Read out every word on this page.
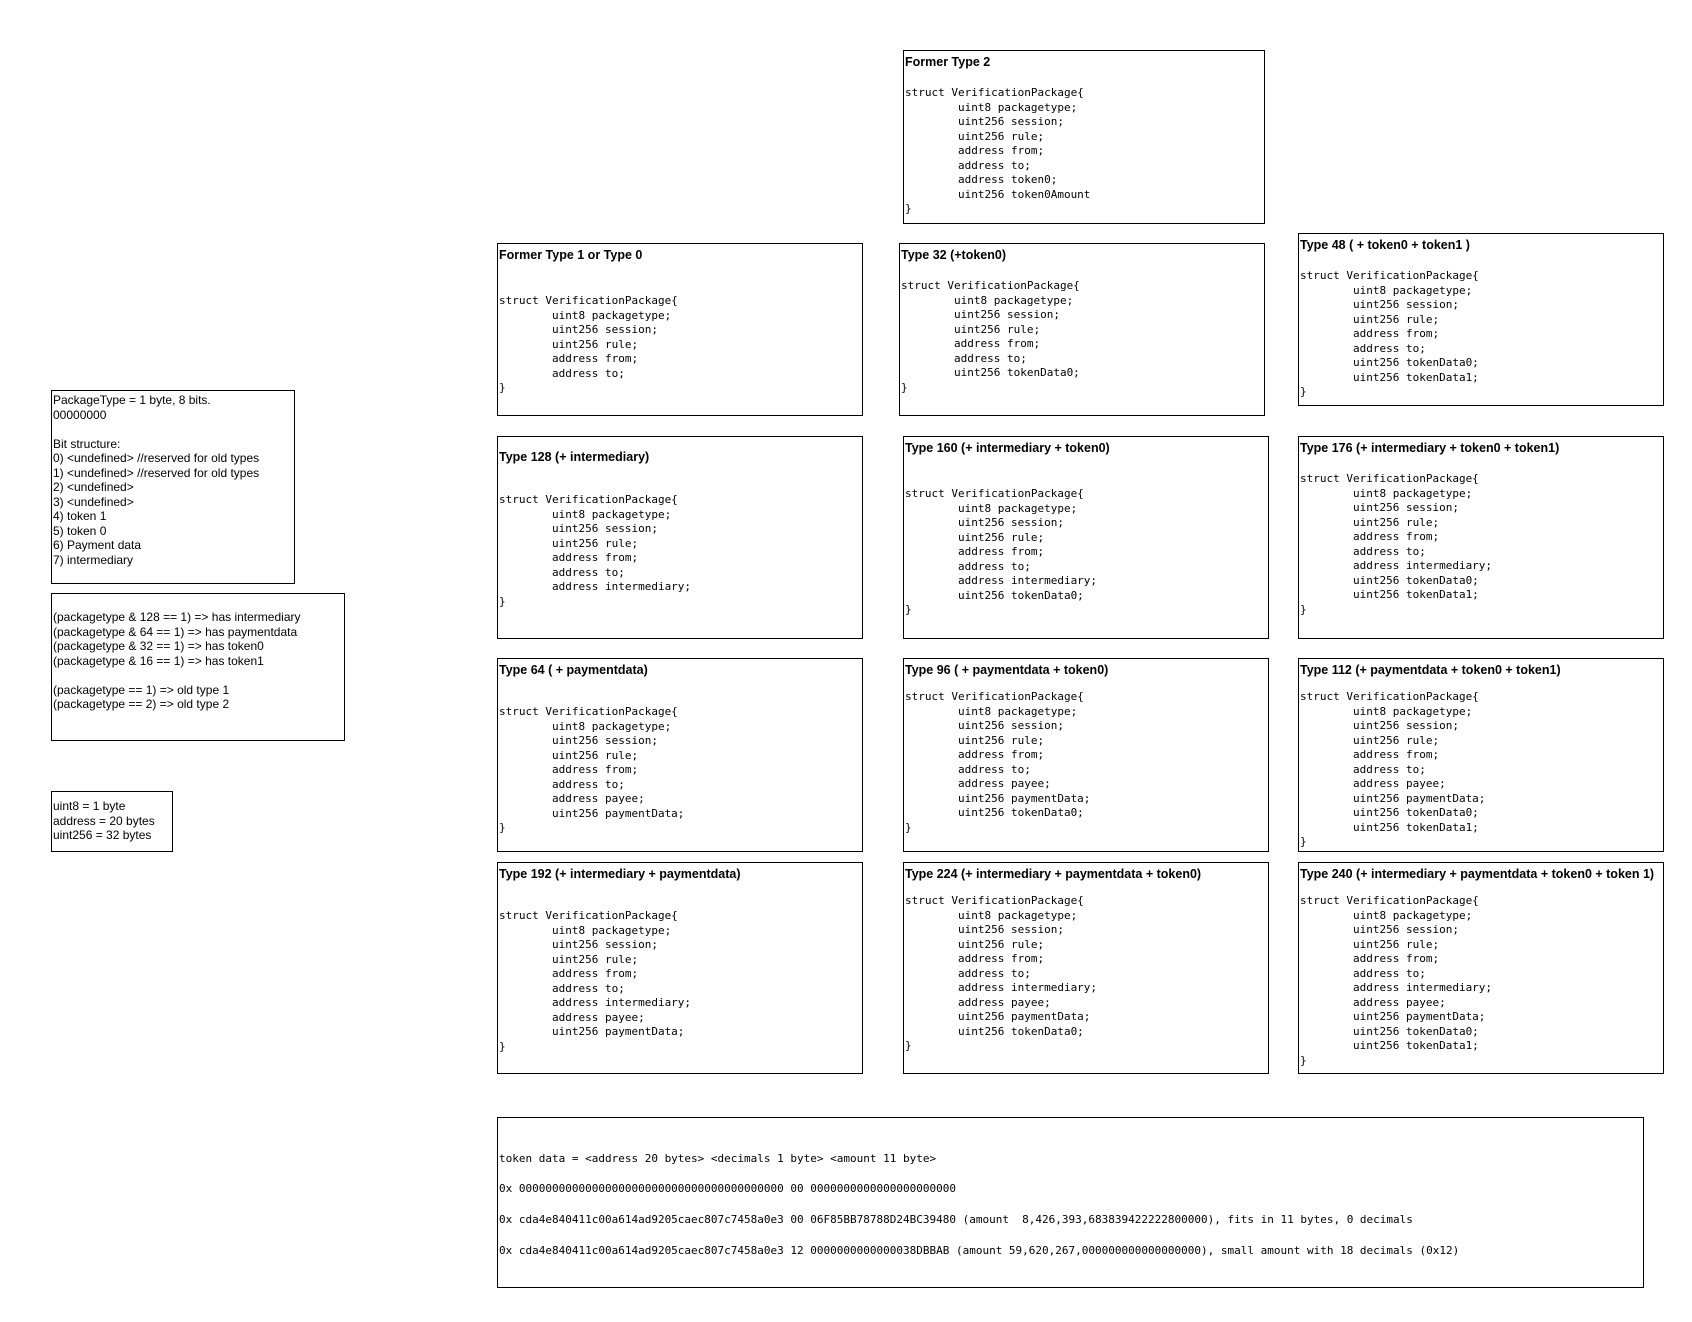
PackageType = 1 byte, 8 bits.
00000000

Bit structure:
0) <undefined> //reserved for old types
1) <undefined> //reserved for old types
2) <undefined>
3) <undefined>
4) token 1
5) token 0
6) Payment data
7) intermediary
(packagetype & 128 == 1) => has intermediary
(packagetype & 64 == 1) => has paymentdata
(packagetype & 32 == 1) => has token0
(packagetype & 16 == 1) => has token1

(packagetype == 1) => old type 1
(packagetype == 2) => old type 2
uint8 = 1 byte
address = 20 bytes
uint256 = 32 bytes
Former Type 2
struct VerificationPackage{
uint8 packagetype;
uint256 session;
uint256 rule;
address from;
address to;
address token0;
uint256 token0Amount
}
Former Type 1 or Type 0
struct VerificationPackage{
uint8 packagetype;
uint256 session;
uint256 rule;
address from;
address to;
}
Type 32 (+token0)
struct VerificationPackage{
uint8 packagetype;
uint256 session;
uint256 rule;
address from;
address to;
uint256 tokenData0;
}
Type 48 ( + token0 + token1 )
struct VerificationPackage{
uint8 packagetype;
uint256 session;
uint256 rule;
address from;
address to;
uint256 tokenData0;
uint256 tokenData1;
}
Type 128 (+ intermediary)
struct VerificationPackage{
uint8 packagetype;
uint256 session;
uint256 rule;
address from;
address to;
address intermediary;
}
Type 160 (+ intermediary + token0)
struct VerificationPackage{
uint8 packagetype;
uint256 session;
uint256 rule;
address from;
address to;
address intermediary;
uint256 tokenData0;
}
Type 176 (+ intermediary + token0 + token1)
struct VerificationPackage{
uint8 packagetype;
uint256 session;
uint256 rule;
address from;
address to;
address intermediary;
uint256 tokenData0;
uint256 tokenData1;
}
Type 64 ( + paymentdata)
struct VerificationPackage{
uint8 packagetype;
uint256 session;
uint256 rule;
address from;
address to;
address payee;
uint256 paymentData;
}
Type 96 ( + paymentdata + token0)
struct VerificationPackage{
uint8 packagetype;
uint256 session;
uint256 rule;
address from;
address to;
address payee;
uint256 paymentData;
uint256 tokenData0;
}
Type 112 (+ paymentdata + token0 + token1)
struct VerificationPackage{
uint8 packagetype;
uint256 session;
uint256 rule;
address from;
address to;
address payee;
uint256 paymentData;
uint256 tokenData0;
uint256 tokenData1;
}
Type 192 (+ intermediary + paymentdata)
struct VerificationPackage{
uint8 packagetype;
uint256 session;
uint256 rule;
address from;
address to;
address intermediary;
address payee;
uint256 paymentData;
}
Type 224 (+ intermediary + paymentdata + token0)
struct VerificationPackage{
uint8 packagetype;
uint256 session;
uint256 rule;
address from;
address to;
address intermediary;
address payee;
uint256 paymentData;
uint256 tokenData0;
}
Type 240 (+ intermediary + paymentdata + token0 + token 1)
struct VerificationPackage{
uint8 packagetype;
uint256 session;
uint256 rule;
address from;
address to;
address intermediary;
address payee;
uint256 paymentData;
uint256 tokenData0;
uint256 tokenData1;
}
token data = <address 20 bytes> <decimals 1 byte> <amount 11 byte>
0x 0000000000000000000000000000000000000000 00 0000000000000000000000
0x cda4e840411c00a614ad9205caec807c7458a0e3 00 06F85BB78788D24BC39480 (amount  8,426,393,683839422222800000), fits in 11 bytes, 0 decimals
0x cda4e840411c00a614ad9205caec807c7458a0e3 12 0000000000000038DBBAB (amount 59,620,267,000000000000000000), small amount with 18 decimals (0x12)
